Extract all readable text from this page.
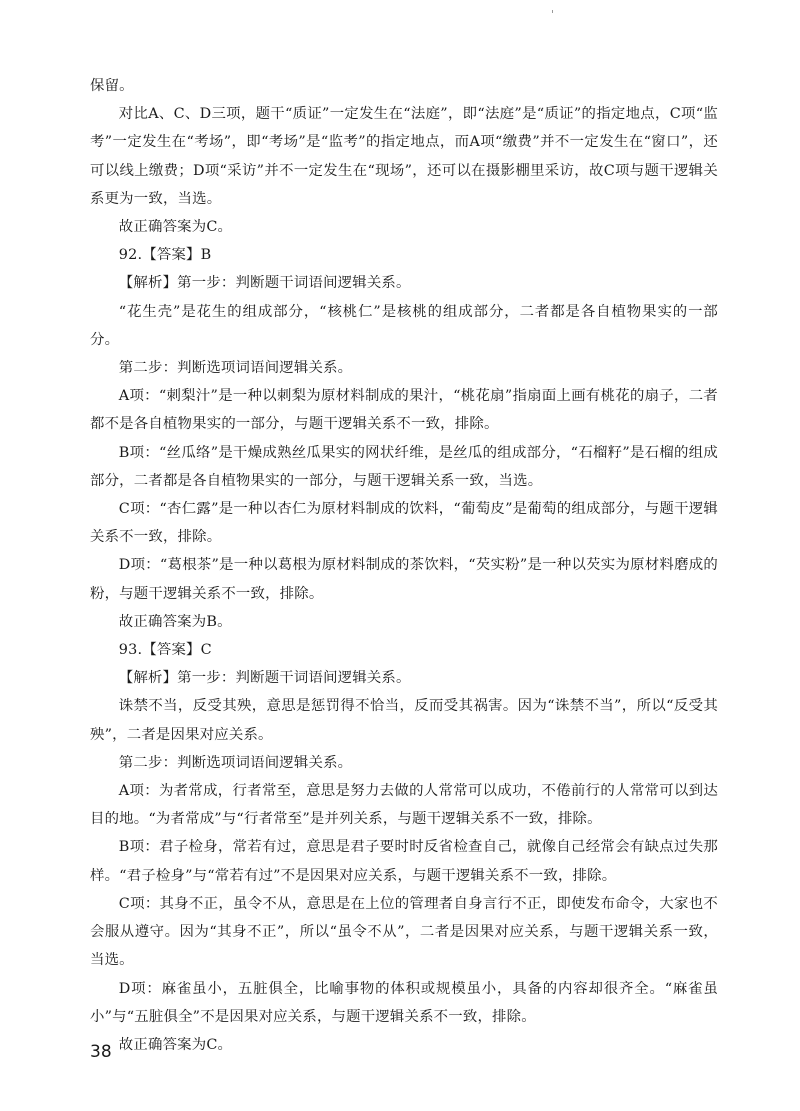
保留。

对比A、C、D三项，题干“质证”一定发生在“法庭”，即“法庭”是“质证”的指定地点，C项“监考”一定发生在“考场”，即“考场”是“监考”的指定地点，而A项“缴费”并不一定发生在“窗口”，还可以线上缴费；D项“采访”并不一定发生在“现场”，还可以在摄影棚里采访，故C项与题干逻辑关系更为一致，当选。

故正确答案为C。

92.【答案】B

【解析】第一步：判断题干词语间逻辑关系。

“花生壳”是花生的组成部分，“核桃仁”是核桃的组成部分，二者都是各自植物果实的一部分。

第二步：判断选项词语间逻辑关系。

A项：“刺梨汁”是一种以刺梨为原材料制成的果汁，“桃花扇”指扇面上画有桃花的扇子，二者都不是各自植物果实的一部分，与题干逻辑关系不一致，排除。

B项：“丝瓜络”是干燥成熟丝瓜果实的网状纤维，是丝瓜的组成部分，“石榴籽”是石榴的组成部分，二者都是各自植物果实的一部分，与题干逻辑关系一致，当选。

C项：“杏仁露”是一种以杏仁为原材料制成的饮料，“葡萄皮”是葡萄的组成部分，与题干逻辑关系不一致，排除。

D项：“葛根茶”是一种以葛根为原材料制成的茶饮料，“芡实粉”是一种以芡实为原材料磨成的粉，与题干逻辑关系不一致，排除。

故正确答案为B。

93.【答案】C

【解析】第一步：判断题干词语间逻辑关系。

诛禁不当，反受其殃，意思是惩罚得不恰当，反而受其祸害。因为“诛禁不当”，所以“反受其殃”，二者是因果对应关系。

第二步：判断选项词语间逻辑关系。

A项：为者常成，行者常至，意思是努力去做的人常常可以成功，不倦前行的人常常可以到达目的地。“为者常成”与“行者常至”是并列关系，与题干逻辑关系不一致，排除。

B项：君子检身，常若有过，意思是君子要时时反省检查自己，就像自己经常会有缺点过失那样。“君子检身”与“常若有过”不是因果对应关系，与题干逻辑关系不一致，排除。

C项：其身不正，虽令不从，意思是在上位的管理者自身言行不正，即使发布命令，大家也不会服从遵守。因为“其身不正”，所以“虽令不从”，二者是因果对应关系，与题干逻辑关系一致，当选。

D项：麻雀虽小，五脏俱全，比喻事物的体积或规模虽小，具备的内容却很齐全。“麻雀虽小”与“五脏俱全”不是因果对应关系，与题干逻辑关系不一致，排除。

故正确答案为C。

38
